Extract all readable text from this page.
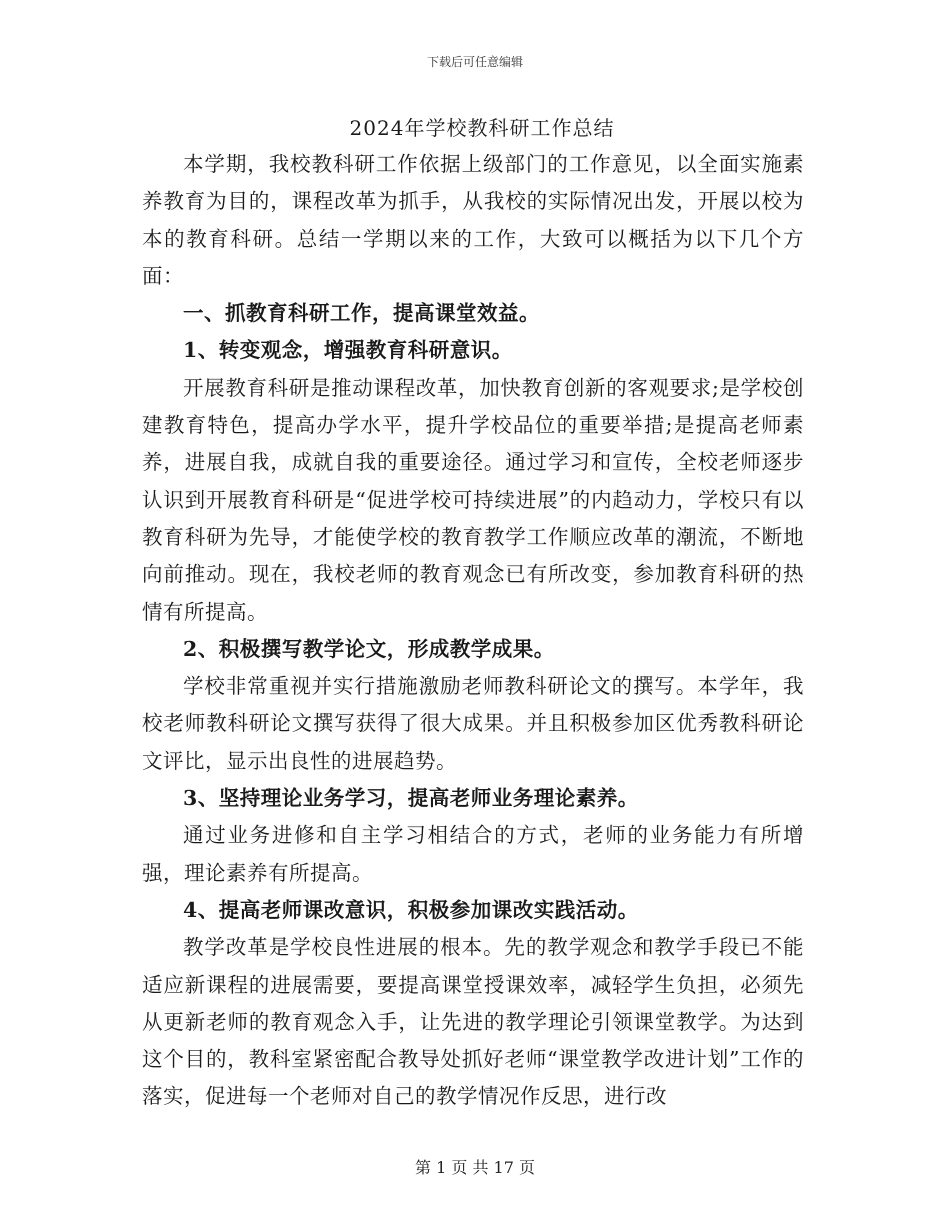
下载后可任意编辑
2024年学校教科研工作总结

本学期，我校教科研工作依据上级部门的工作意见，以全面实施素养教育为目的，课程改革为抓手，从我校的实际情况出发，开展以校为本的教育科研。总结一学期以来的工作，大致可以概括为以下几个方面：

一、抓教育科研工作，提高课堂效益。

1、转变观念，增强教育科研意识。

开展教育科研是推动课程改革，加快教育创新的客观要求;是学校创建教育特色，提高办学水平，提升学校品位的重要举措;是提高老师素养，进展自我，成就自我的重要途径。通过学习和宣传，全校老师逐步认识到开展教育科研是“促进学校可持续进展”的内趋动力，学校只有以教育科研为先导，才能使学校的教育教学工作顺应改革的潮流，不断地向前推动。现在，我校老师的教育观念已有所改变，参加教育科研的热情有所提高。

2、积极撰写教学论文，形成教学成果。

学校非常重视并实行措施激励老师教科研论文的撰写。本学年，我校老师教科研论文撰写获得了很大成果。并且积极参加区优秀教科研论文评比，显示出良性的进展趋势。

3、坚持理论业务学习，提高老师业务理论素养。

通过业务进修和自主学习相结合的方式，老师的业务能力有所增强，理论素养有所提高。

4、提高老师课改意识，积极参加课改实践活动。

教学改革是学校良性进展的根本。先的教学观念和教学手段已不能适应新课程的进展需要，要提高课堂授课效率，减轻学生负担，必须先从更新老师的教育观念入手，让先进的教学理论引领课堂教学。为达到这个目的，教科室紧密配合教导处抓好老师“课堂教学改进计划”工作的落实，促进每一个老师对自己的教学情况作反思，进行改

第 1 页 共 17 页
